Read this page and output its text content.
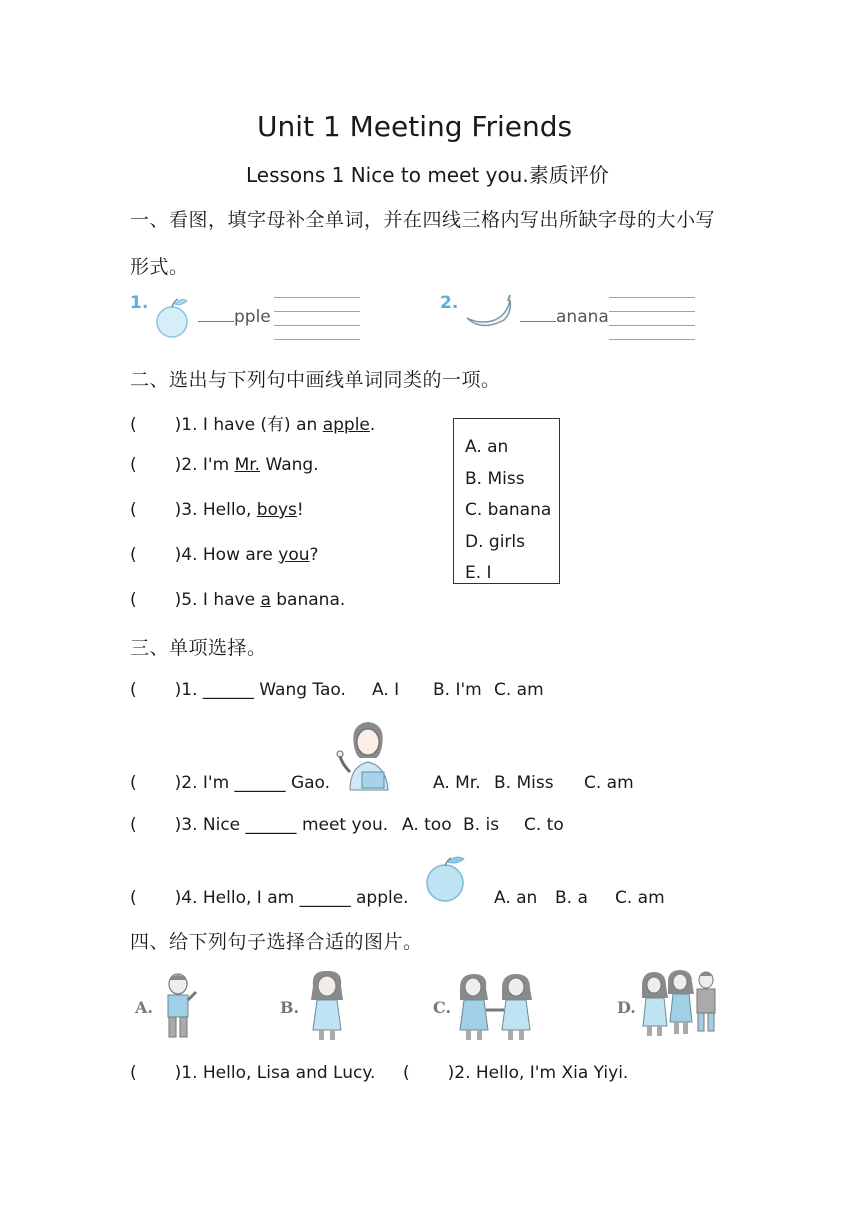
Unit 1 Meeting Friends
Lessons 1 Nice to meet you.素质评价
一、看图，填字母补全单词，并在四线三格内写出所缺字母的大小写
形式。
1.
pple
2.
anana
二、选出与下列句中画线单词同类的一项。
( )1. I have (有) an apple.
( )2. I'm Mr. Wang.
( )3. Hello, boys!
( )4. How are you?
( )5. I have a banana.
A. an
B. Miss
C. banana
D. girls
E. I
三、单项选择。
( )1. ______ Wang Tao. A. I B. I'm C. am
( )2. I'm ______ Gao.	A. Mr. B. Miss C. am
( )3. Nice ______ meet you. A. too B. is C. to
( )4. Hello, I am ______ apple.	A. an B. a C. am
四、给下列句子选择合适的图片。
A.	B.	C.	D.
( )1. Hello, Lisa and Lucy. ( )2. Hello, I'm Xia Yiyi.
